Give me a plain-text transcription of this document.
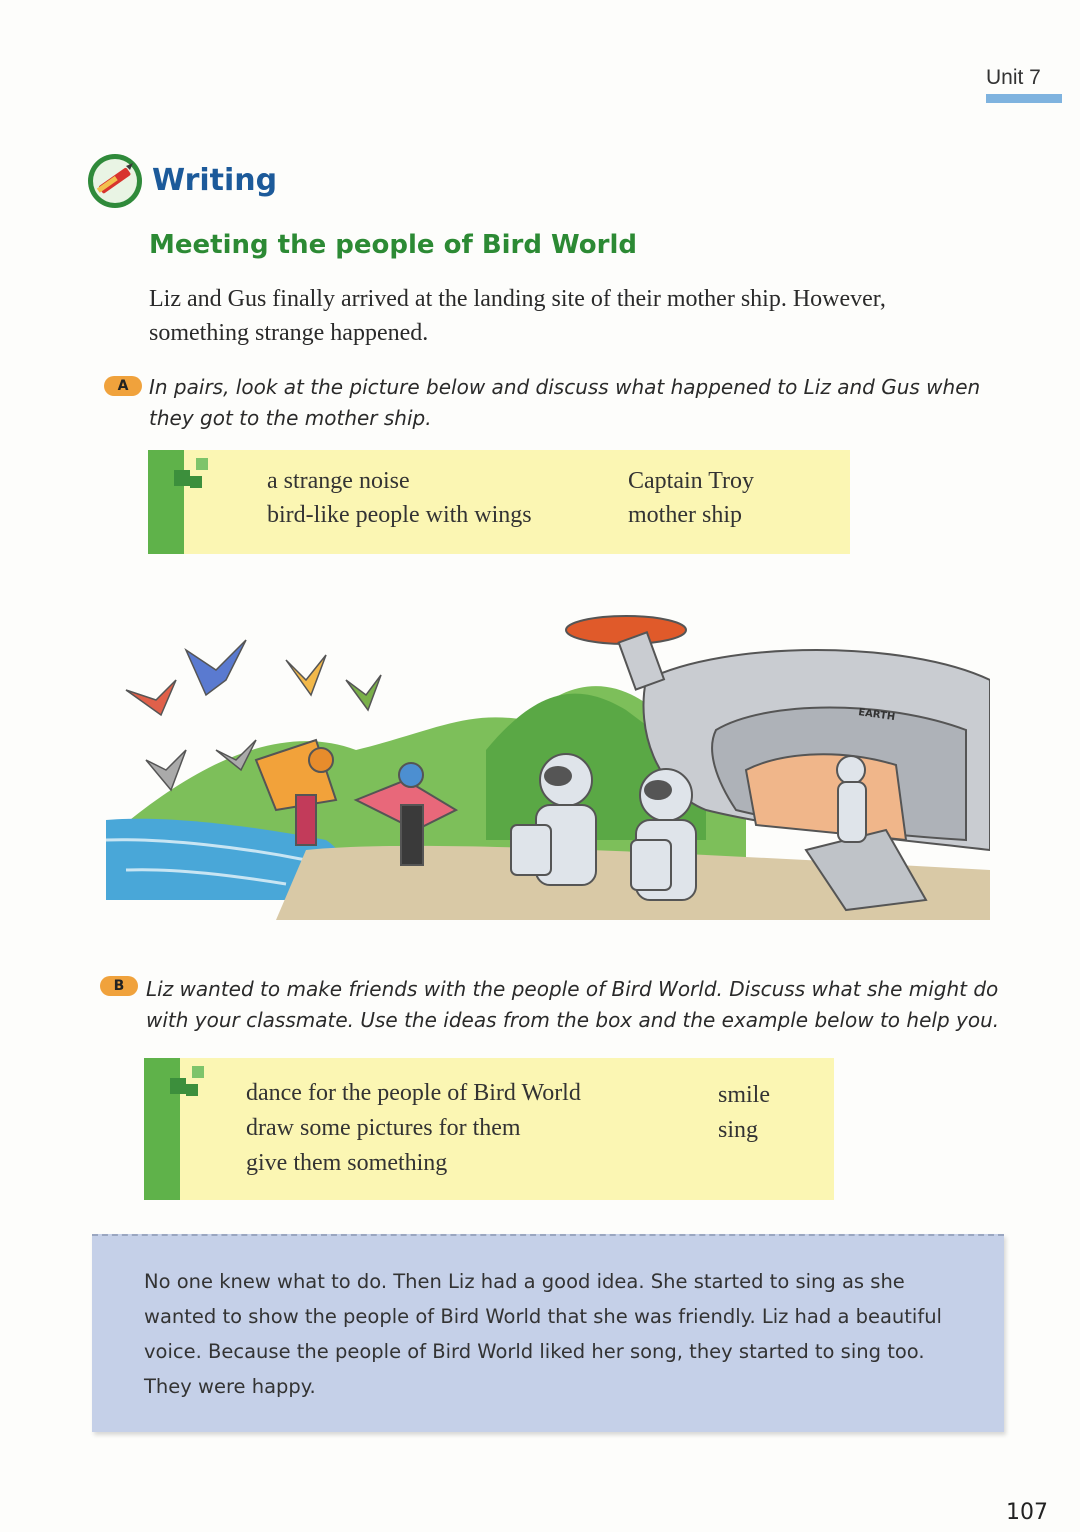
Unit 7
Writing
Meeting the people of Bird World
Liz and Gus finally arrived at the landing site of their mother ship. However, something strange happened.
A	In pairs, look at the picture below and discuss what happened to Liz and Gus when they got to the mother ship.
a strange noise
bird-like people with wings
Captain Troy
mother ship
EARTH
B	Liz wanted to make friends with the people of Bird World. Discuss what she might do with your classmate. Use the ideas from the box and the example below to help you.
dance for the people of Bird World
draw some pictures for them
give them something
smile
sing
No one knew what to do. Then Liz had a good idea. She started to sing as she wanted to show the people of Bird World that she was friendly. Liz had a beautiful voice. Because the people of Bird World liked her song, they started to sing too. They were happy.
107
